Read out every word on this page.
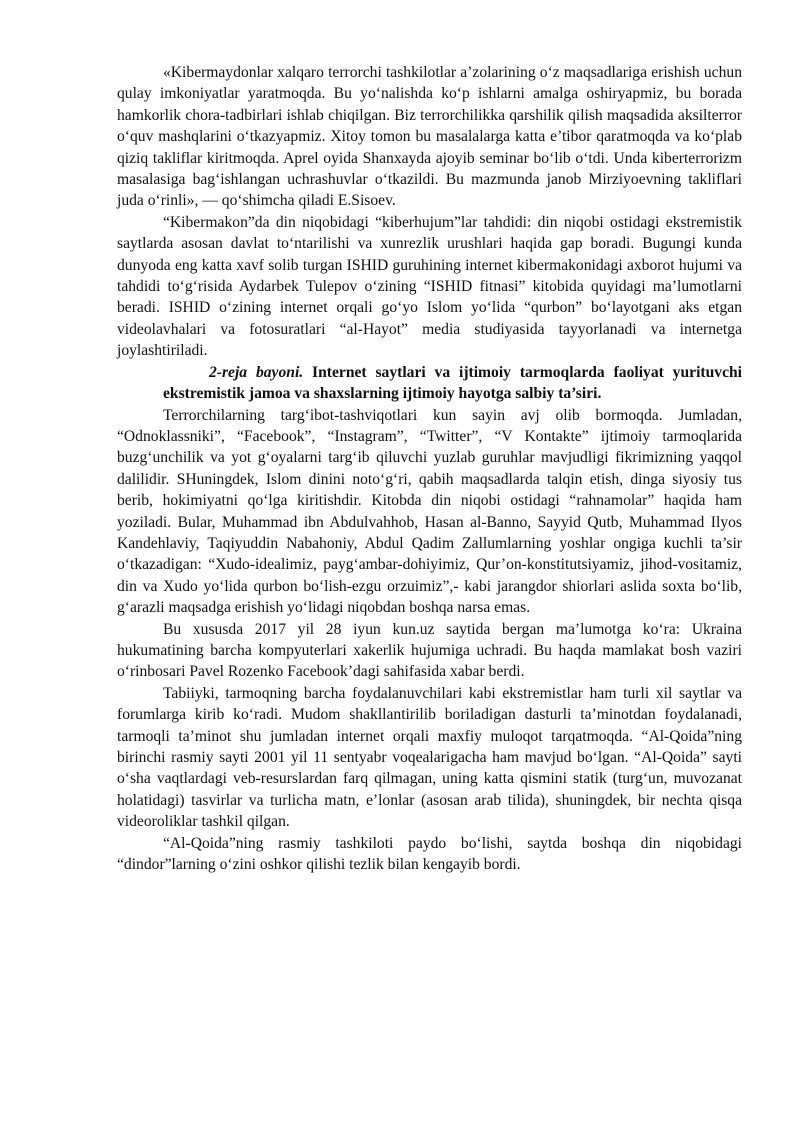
«Kibermaydonlar xalqaro terrorchi tashkilotlar a’zolarining o‘z maqsadlariga erishish uchun qulay imkoniyatlar yaratmoqda. Bu yo‘nalishda ko‘p ishlarni amalga oshiryapmiz, bu borada hamkorlik chora-tadbirlari ishlab chiqilgan. Biz terrorchilikka qarshilik qilish maqsadida aksilterror o‘quv mashqlarini o‘tkazyapmiz. Xitoy tomon bu masalalarga katta e’tibor qaratmoqda va ko‘plab qiziq takliflar kiritmoqda. Aprel oyida Shanxayda ajoyib seminar bo‘lib o‘tdi. Unda kiberterrorizm masalasiga bag‘ishlangan uchrashuvlar o‘tkazildi. Bu mazmunda janob Mirziyoevning takliflari juda o‘rinli», — qo‘shimcha qiladi E.Sisoev.

“Kibermakon”da din niqobidagi “kiberhujum”lar tahdidi: din niqobi ostidagi ekstremistik saytlarda asosan davlat to‘ntarilishi va xunrezlik urushlari haqida gap boradi. Bugungi kunda dunyoda eng katta xavf solib turgan ISHID guruhining internet kibermakonidagi axborot hujumi va tahdidi to‘g‘risida Aydarbek Tulepov o‘zining “ISHID fitnasi” kitobida quyidagi ma’lumotlarni beradi. ISHID o‘zining internet orqali go‘yo Islom yo‘lida “qurbon” bo‘layotgani aks etgan videolavhalari va fotosuratlari “al-Hayot” media studiyasida tayyorlanadi va internetga joylashtiriladi.

2-reja bayoni. Internet saytlari va ijtimoiy tarmoqlarda faoliyat yurituvchi ekstremistik jamoa va shaxslarning ijtimoiy hayotga salbiy ta’siri.

Terrorchilarning targ‘ibot-tashviqotlari kun sayin avj olib bormoqda. Jumladan, “Odnoklassniki”, “Facebook”, “Instagram”, “Twitter”, “V Kontakte” ijtimoiy tarmoqlarida buzg‘unchilik va yot g‘oyalarni targ‘ib qiluvchi yuzlab guruhlar mavjudligi fikrimizning yaqqol dalilidir. SHuningdek, Islom dinini noto‘g‘ri, qabih maqsadlarda talqin etish, dinga siyosiy tus berib, hokimiyatni qo‘lga kiritishdir. Kitobda din niqobi ostidagi “rahnamolar” haqida ham yoziladi. Bular, Muhammad ibn Abdulvahhob, Hasan al-Banno, Sayyid Qutb, Muhammad Ilyos Kandehlaviy, Taqiyuddin Nabahoniy, Abdul Qadim Zallumlarning yoshlar ongiga kuchli ta’sir o‘tkazadigan: “Xudo-idealimiz, payg‘ambar-dohiyimiz, Qur’on-konstitutsiyamiz, jihod-vositamiz, din va Xudo yo‘lida qurbon bo‘lish-ezgu orzuimiz”,- kabi jarangdor shiorlari aslida soxta bo‘lib, g‘arazli maqsadga erishish yo‘lidagi niqobdan boshqa narsa emas.

Bu xususda 2017 yil 28 iyun kun.uz saytida bergan ma’lumotga ko‘ra: Ukraina hukumatining barcha kompyuterlari xakerlik hujumiga uchradi. Bu haqda mamlakat bosh vaziri o‘rinbosari Pavel Rozenko Facebook’dagi sahifasida xabar berdi.

Tabiiyki, tarmoqning barcha foydalanuvchilari kabi ekstremistlar ham turli xil saytlar va forumlarga kirib ko‘radi. Mudom shakllantirilib boriladigan dasturli ta’minotdan foydalanadi, tarmoqli ta’minot shu jumladan internet orqali maxfiy muloqot tarqatmoqda. “Al-Qoida”ning birinchi rasmiy sayti 2001 yil 11 sentyabr voqealarigacha ham mavjud bo‘lgan. “Al-Qoida” sayti o‘sha vaqtlardagi veb-resurslardan farq qilmagan, uning katta qismini statik (turg‘un, muvozanat holatidagi) tasvirlar va turlicha matn, e’lonlar (asosan arab tilida), shuningdek, bir nechta qisqa videoroliklar tashkil qilgan.

“Al-Qoida”ning rasmiy tashkiloti paydo bo‘lishi, saytda boshqa din niqobidagi “dindor”larning o‘zini oshkor qilishi tezlik bilan kengayib bordi.
